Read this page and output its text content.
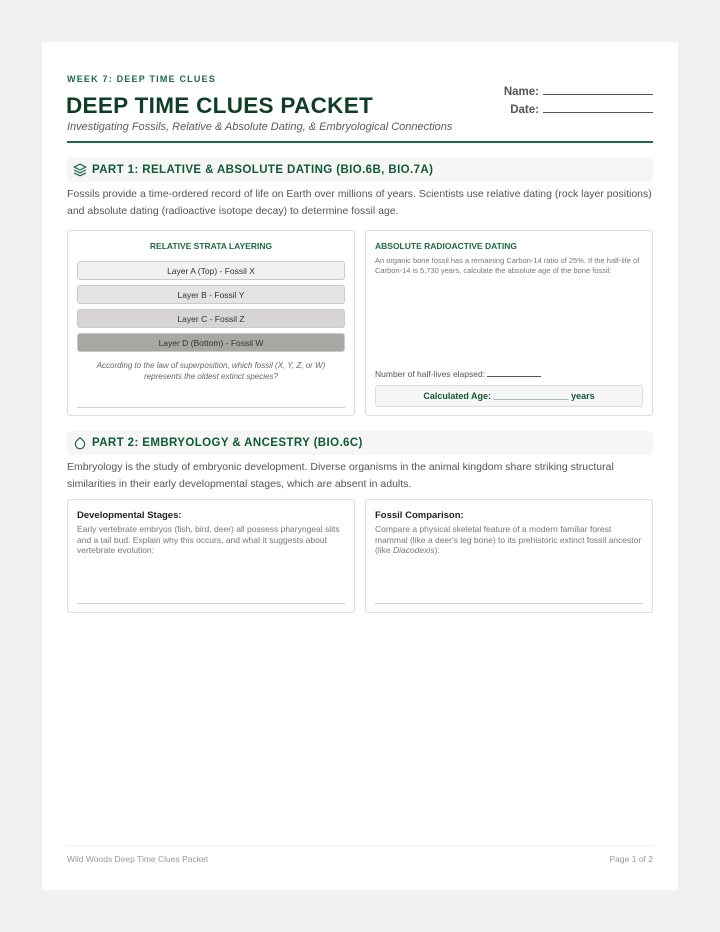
WEEK 7: DEEP TIME CLUES
DEEP TIME CLUES PACKET
Investigating Fossils, Relative & Absolute Dating, & Embryological Connections
Name:
Date:
PART 1: RELATIVE & ABSOLUTE DATING (BIO.6B, BIO.7A)
Fossils provide a time-ordered record of life on Earth over millions of years. Scientists use relative dating (rock layer positions) and absolute dating (radioactive isotope decay) to determine fossil age.
RELATIVE STRATA LAYERING
Layer A (Top) - Fossil X
Layer B - Fossil Y
Layer C - Fossil Z
Layer D (Bottom) - Fossil W
According to the law of superposition, which fossil (X, Y, Z, or W) represents the oldest extinct species?
ABSOLUTE RADIOACTIVE DATING
An organic bone fossil has a remaining Carbon-14 ratio of 25%. If the half-life of Carbon-14 is 5,730 years, calculate the absolute age of the bone fossil:
Number of half-lives elapsed:
Calculated Age: _______________ years
PART 2: EMBRYOLOGY & ANCESTRY (BIO.6C)
Embryology is the study of embryonic development. Diverse organisms in the animal kingdom share striking structural similarities in their early developmental stages, which are absent in adults.
Developmental Stages:
Early vertebrate embryos (fish, bird, deer) all possess pharyngeal slits and a tail bud. Explain why this occurs, and what it suggests about vertebrate evolution:
Fossil Comparison:
Compare a physical skeletal feature of a modern familiar forest mammal (like a deer's leg bone) to its prehistoric extinct fossil ancestor (like Diacodexis):
Wild Woods Deep Time Clues Packet	Page 1 of 2
